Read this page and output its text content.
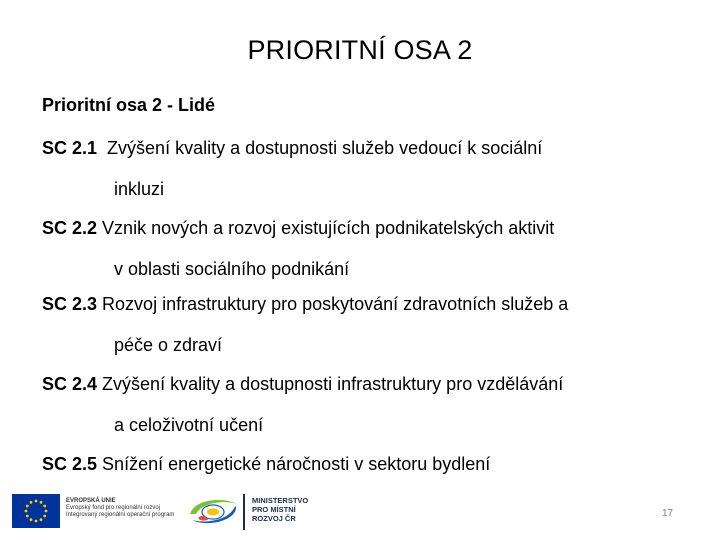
PRIORITNÍ OSA 2
Prioritní osa 2 - Lidé
SC 2.1 Zvýšení kvality a dostupnosti služeb vedoucí k sociální
inkluzi
SC 2.2 Vznik nových a rozvoj existujících podnikatelských aktivit
v oblasti sociálního podnikání
SC 2.3 Rozvoj infrastruktury pro poskytování zdravotních služeb a
péče o zdraví
SC 2.4 Zvýšení kvality a dostupnosti infrastruktury pro vzdělávání
a celoživotní učení
SC 2.5 Snížení energetické náročnosti v sektoru bydlení
EVROPSKÁ UNIE
Evropský fond pro regionální rozvoj
Integrovaný regionální operační program
MINISTERSTVO
PRO MÍSTNÍ
ROZVOJ ČR	17
